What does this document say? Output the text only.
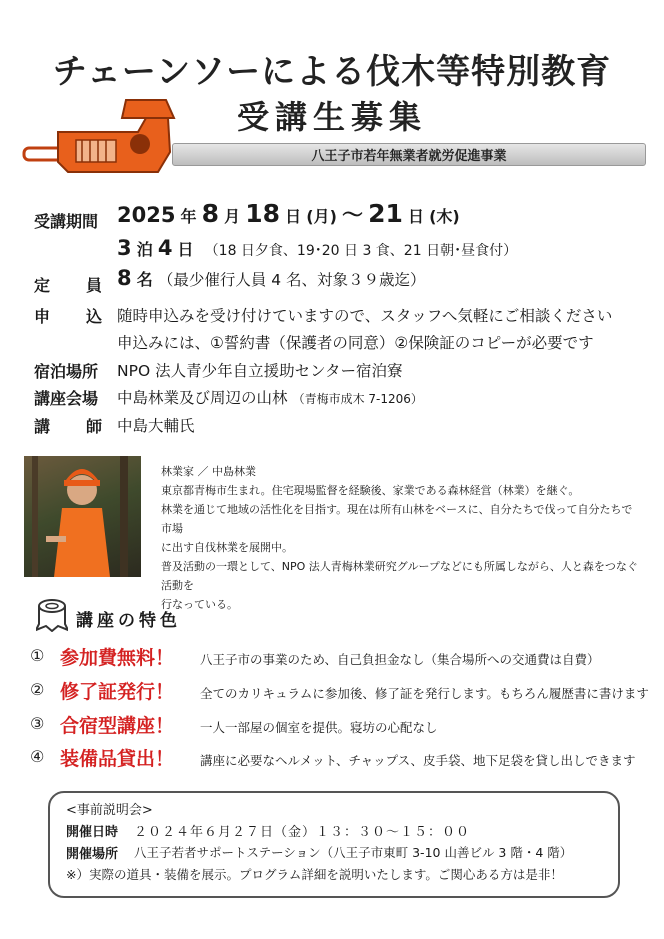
チェーンソーによる伐木等特別教育
受講生募集
八王子市若年無業者就労促進事業
受講期間 2025 年 8 月 18 日 (月) ～ 21 日 (木)
3 泊 4 日 （18 日夕食、19･20 日 3 食、21 日朝･昼食付）
定 員 8 名 （最少催行人員 4 名、対象３９歳迄）
申 込 随時申込みを受け付けていますので、スタッフへ気軽にご相談ください
申込みには、①誓約書（保護者の同意）②保険証のコピーが必要です
宿泊場所 NPO 法人青少年自立援助センター宿泊寮
講座会場 中島林業及び周辺の山林 （青梅市成木 7-1206）
講 師 中島大輔氏
林業家 ／ 中島林業
東京都青梅市生まれ。住宅現場監督を経験後、家業である森林経営（林業）を継ぐ。
林業を通じて地域の活性化を目指す。現在は所有山林をベースに、自分たちで伐って自分たちで市場
に出す自伐林業を展開中。
普及活動の一環として、NPO 法人青梅林業研究グループなどにも所属しながら、人と森をつなぐ活動を
行なっている。
講座の特色
① 参加費無料！ 八王子市の事業のため、自己負担金なし（集合場所への交通費は自費）
② 修了証発行！ 全てのカリキュラムに参加後、修了証を発行します。もちろん履歴書に書けます
③ 合宿型講座！ 一人一部屋の個室を提供。寝坊の心配なし
④ 装備品貸出！ 講座に必要なヘルメット、チャップス、皮手袋、地下足袋を貸し出しできます
<事前説明会>
開催日時 ２０２４年６月２７日（金）１３：３０～１５：００
開催場所 八王子若者サポートステーション（八王子市東町 3-10 山善ビル 3 階・4 階）
※）実際の道具・装備を展示。プログラム詳細を説明いたします。ご関心ある方は是非！
